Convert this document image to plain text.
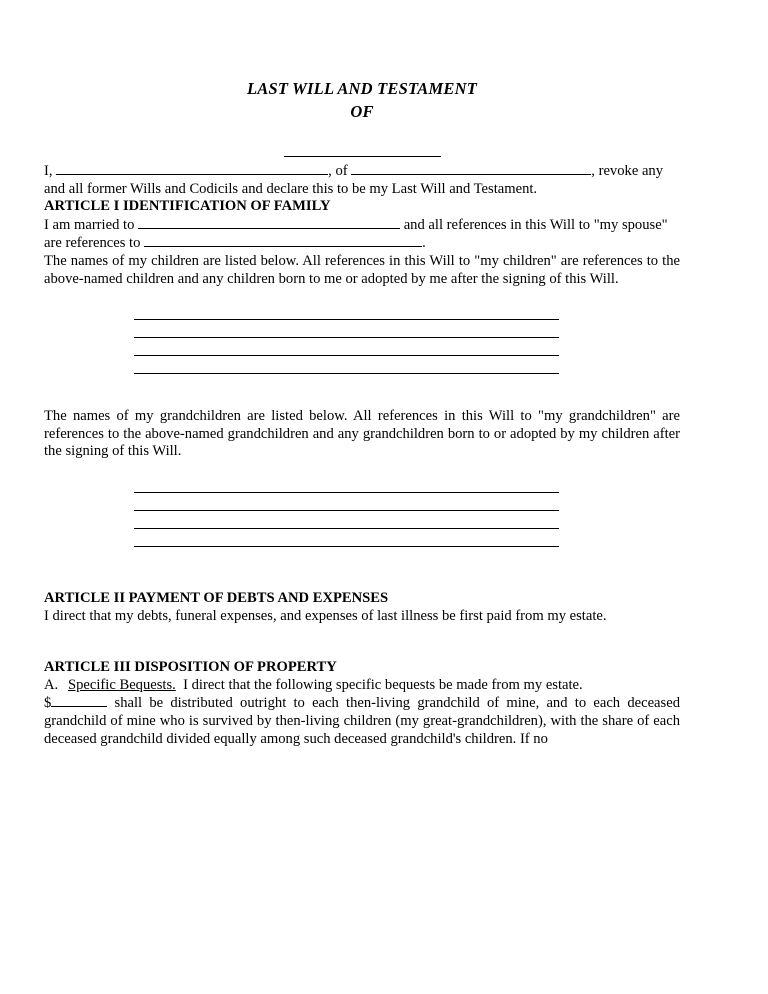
LAST WILL AND TESTAMENT
OF

I,	, of	, revoke any
and all former Wills and Codicils and declare this to be my Last Will and Testament.

ARTICLE I IDENTIFICATION OF FAMILY

I am married to	and all references in this Will to "my spouse"
are references to	.

The names of my children are listed below. All references in this Will to "my children" are references to the above-named children and any children born to me or adopted by me after the signing of this Will.

The names of my grandchildren are listed below. All references in this Will to "my grandchildren" are references to the above-named grandchildren and any grandchildren born to or adopted by my children after the signing of this Will.

ARTICLE II PAYMENT OF DEBTS AND EXPENSES

I direct that my debts, funeral expenses, and expenses of last illness be first paid from my estate.

ARTICLE III DISPOSITION OF PROPERTY
A. Specific Bequests. I direct that the following specific bequests be made from my estate.

$	shall be distributed outright to each then-living grandchild of mine, and to each deceased grandchild of mine who is survived by then-living children (my great-grandchildren), with the share of each deceased grandchild divided equally among such deceased grandchild's children. If no
